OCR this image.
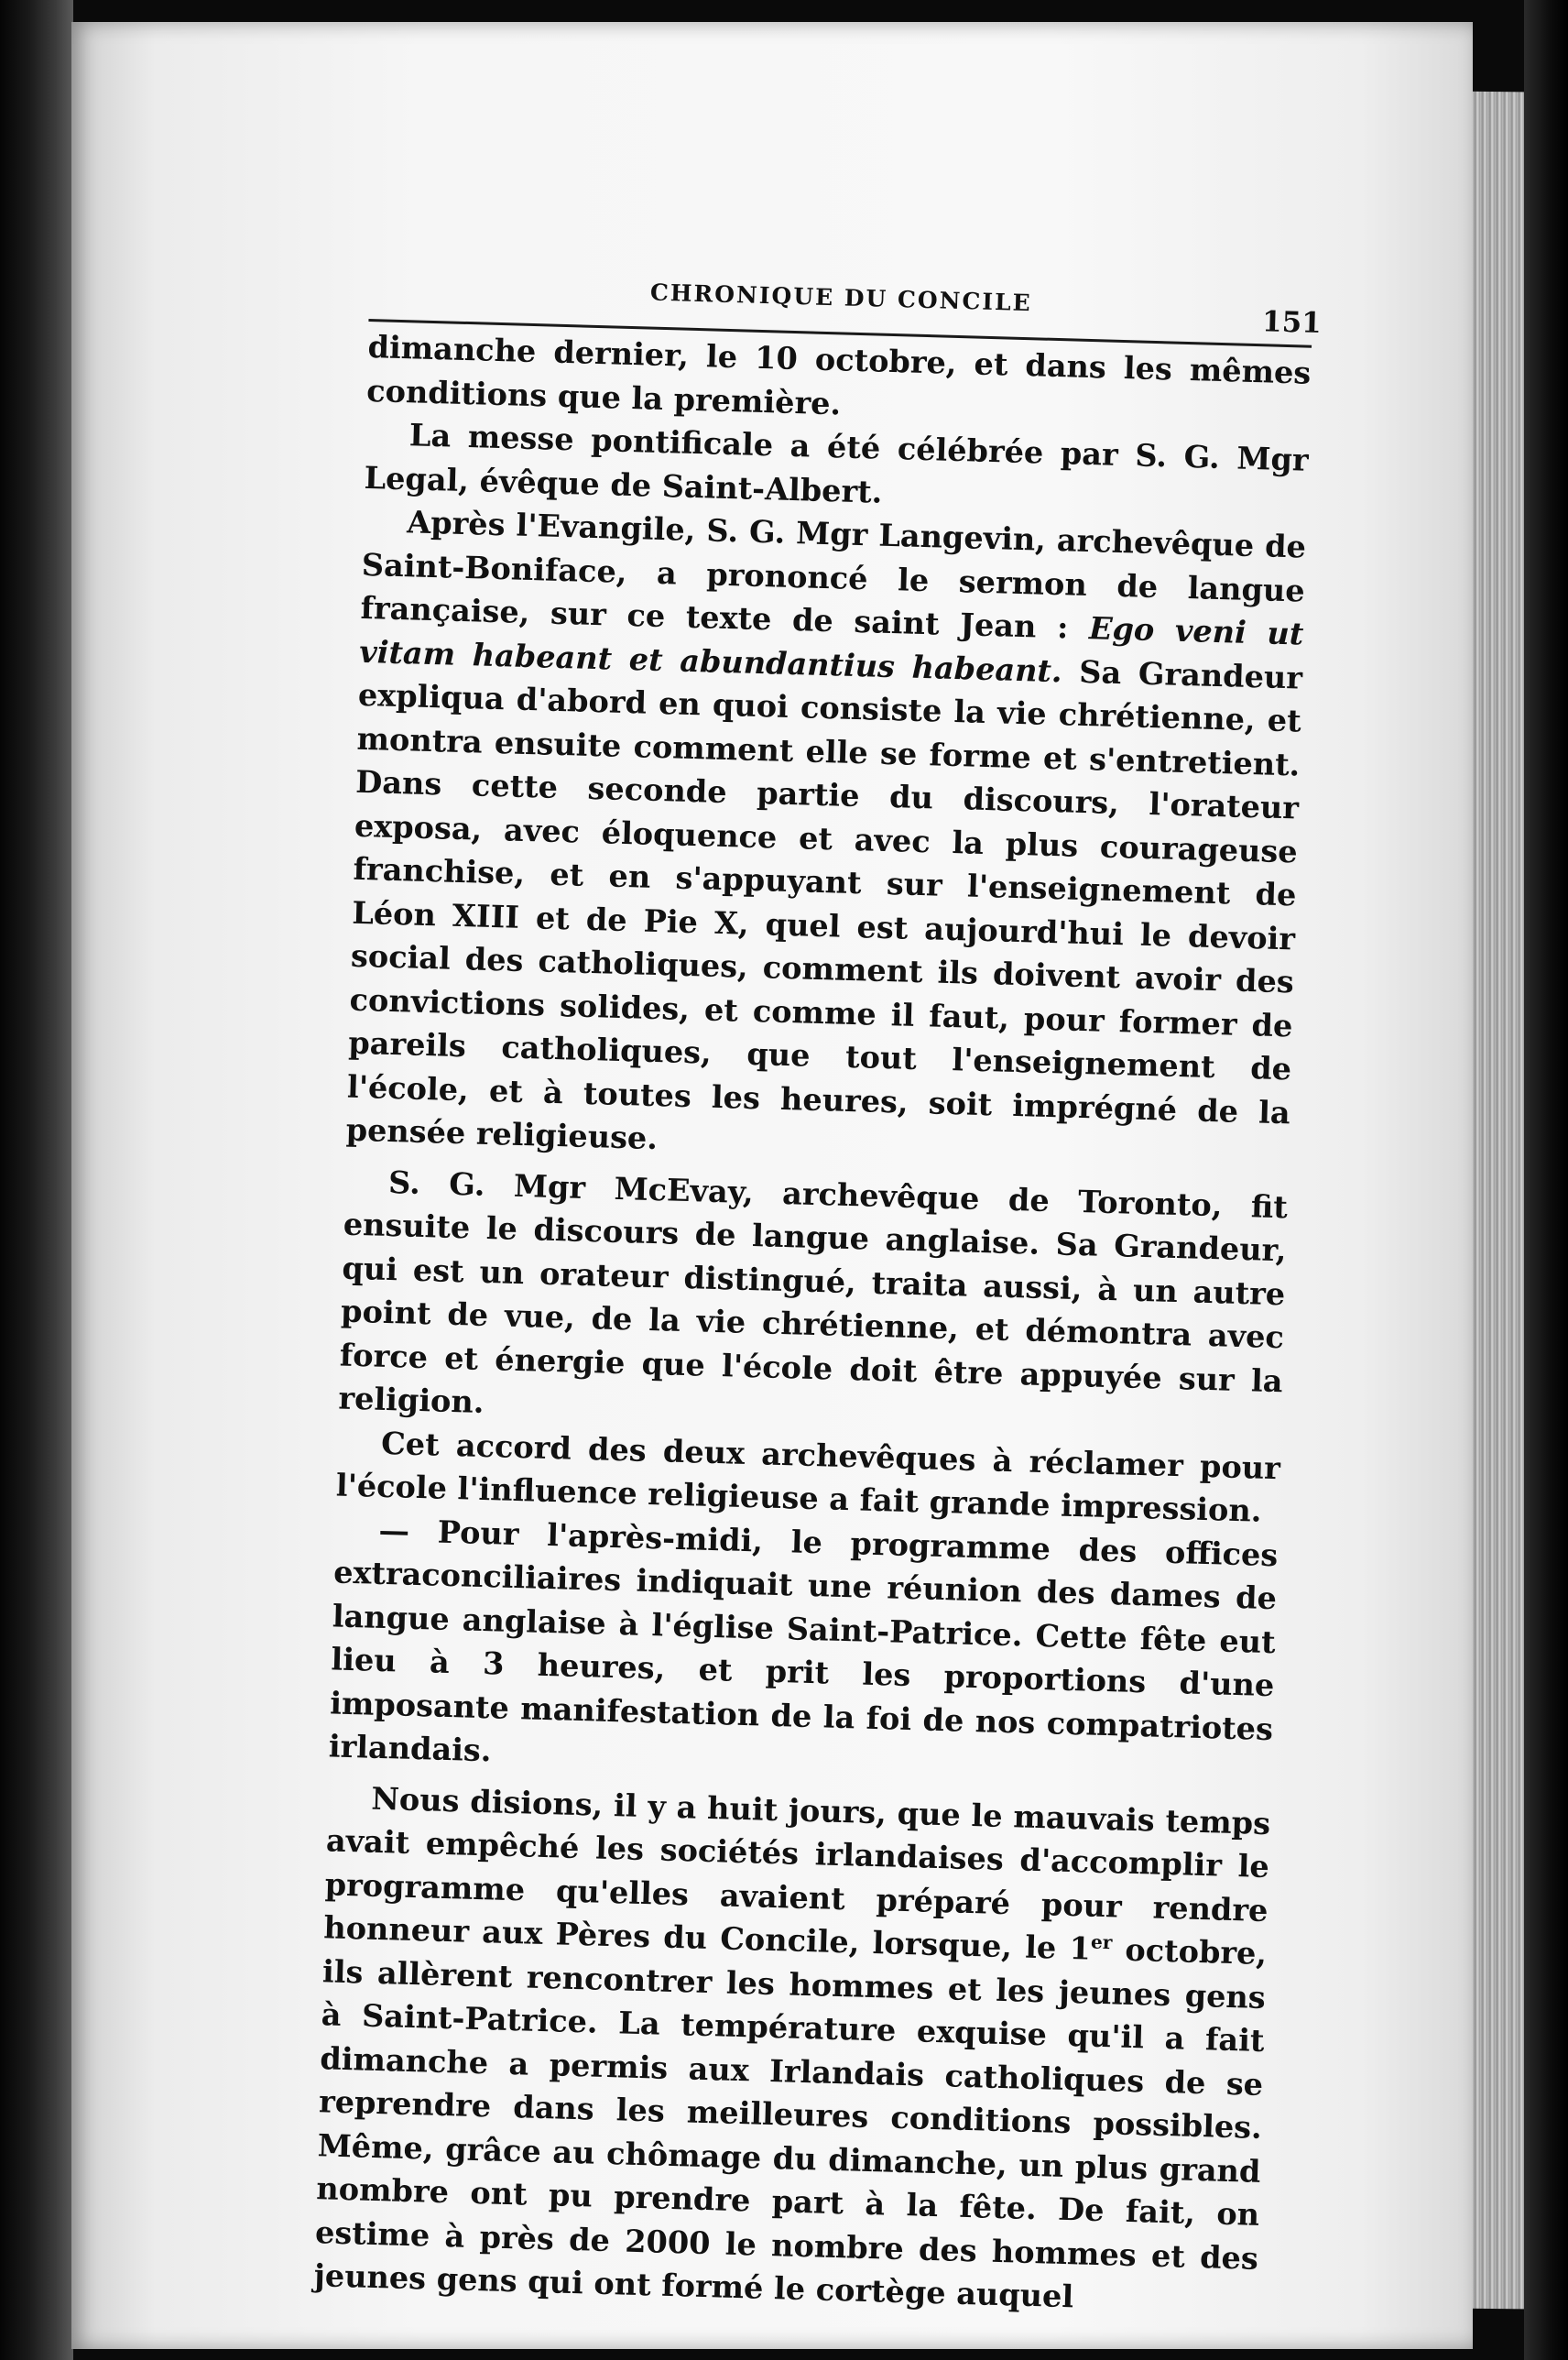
CHRONIQUE DU CONCILE
151

dimanche dernier, le 10 octobre, et dans les mêmes conditions que la première.

La messe pontificale a été célébrée par S. G. Mgr Legal, évêque de Saint-Albert.

Après l'Evangile, S. G. Mgr Langevin, archevêque de Saint-Boniface, a prononcé le sermon de langue française, sur ce texte de saint Jean : Ego veni ut vitam habeant et abundantius habeant. Sa Grandeur expliqua d'abord en quoi consiste la vie chrétienne, et montra ensuite comment elle se forme et s'entretient. Dans cette seconde partie du discours, l'orateur exposa, avec éloquence et avec la plus courageuse franchise, et en s'appuyant sur l'enseignement de Léon XIII et de Pie X, quel est aujourd'hui le devoir social des catholiques, comment ils doivent avoir des convictions solides, et comme il faut, pour former de pareils catholiques, que tout l'enseignement de l'école, et à toutes les heures, soit imprégné de la pensée religieuse.

S. G. Mgr McEvay, archevêque de Toronto, fit ensuite le discours de langue anglaise. Sa Grandeur, qui est un orateur distingué, traita aussi, à un autre point de vue, de la vie chrétienne, et démontra avec force et énergie que l'école doit être appuyée sur la religion.

Cet accord des deux archevêques à réclamer pour l'école l'influence religieuse a fait grande impression.

— Pour l'après-midi, le programme des offices extraconciliaires indiquait une réunion des dames de langue anglaise à l'église Saint-Patrice. Cette fête eut lieu à 3 heures, et prit les proportions d'une imposante manifestation de la foi de nos compatriotes irlandais.

Nous disions, il y a huit jours, que le mauvais temps avait empêché les sociétés irlandaises d'accomplir le programme qu'elles avaient préparé pour rendre honneur aux Pères du Concile, lorsque, le 1er octobre, ils allèrent rencontrer les hommes et les jeunes gens à Saint-Patrice. La température exquise qu'il a fait dimanche a permis aux Irlandais catholiques de se reprendre dans les meilleures conditions possibles. Même, grâce au chômage du dimanche, un plus grand nombre ont pu prendre part à la fête. De fait, on estime à près de 2000 le nombre des hommes et des jeunes gens qui ont formé le cortège auquel
